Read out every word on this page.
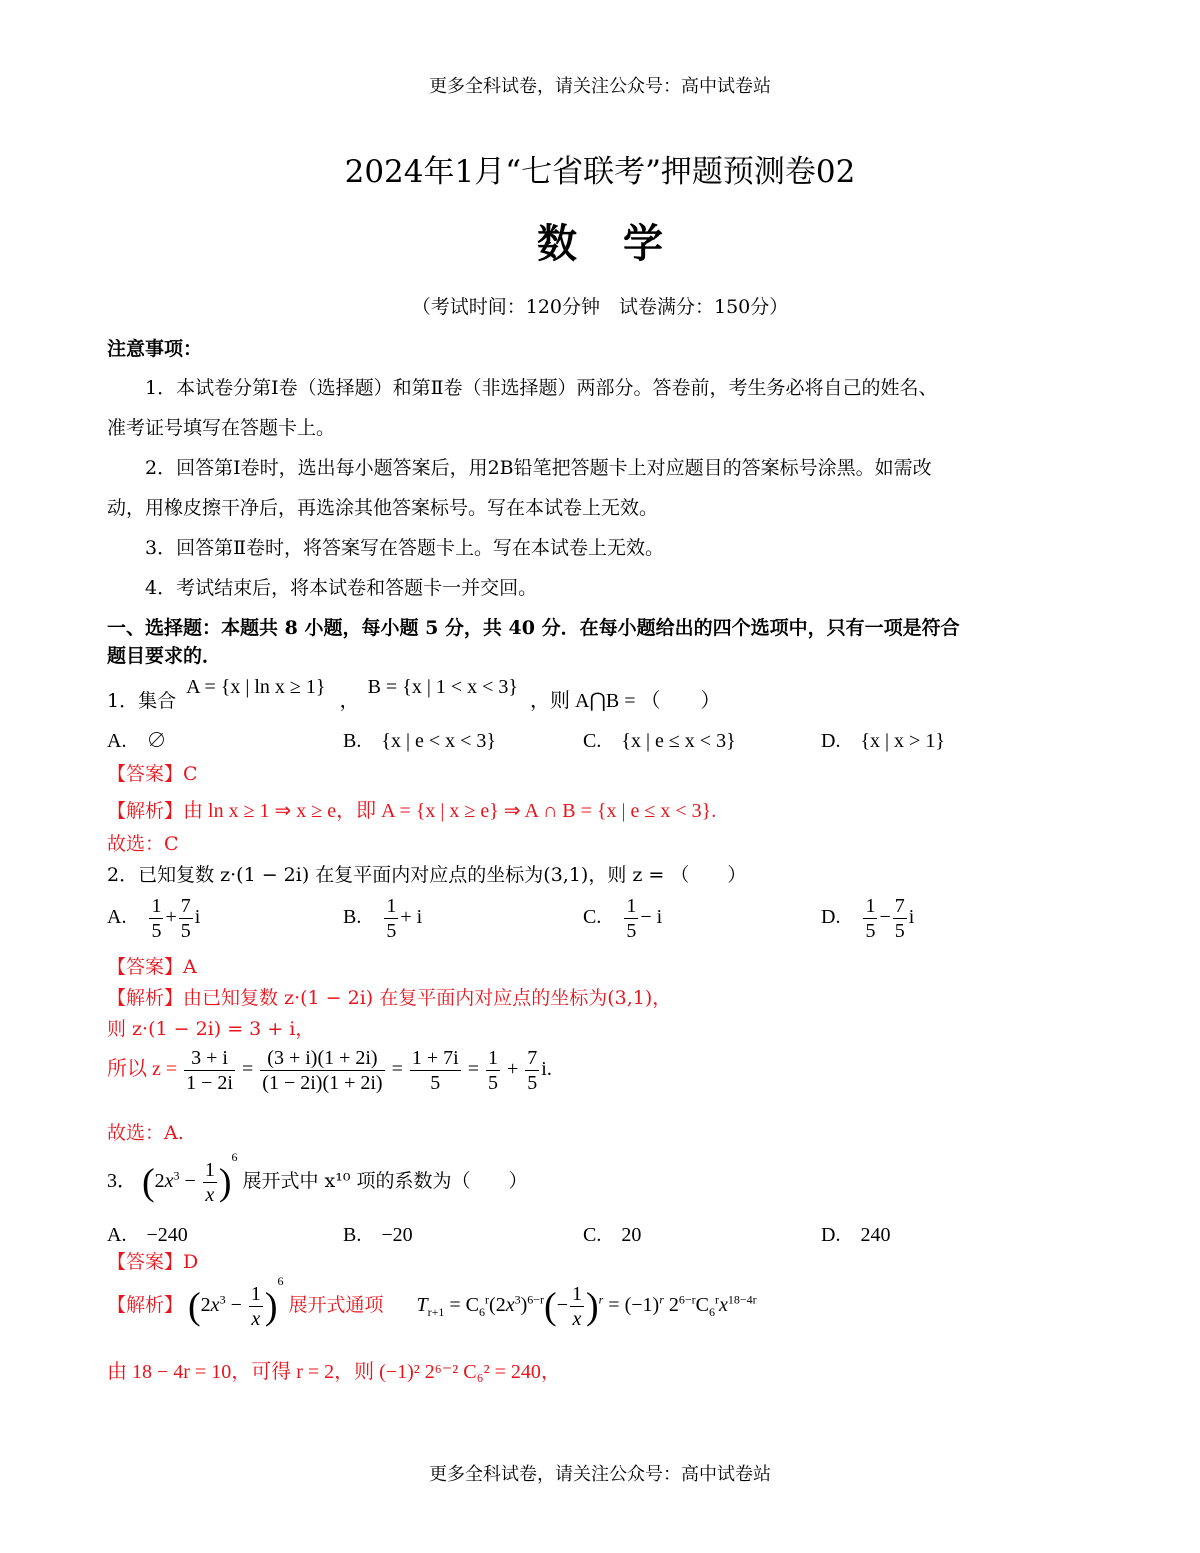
更多全科试卷，请关注公众号：高中试卷站
2024年1月“七省联考”押题预测卷02
数学
（考试时间：120分钟　试卷满分：150分）
注意事项：
1．本试卷分第Ⅰ卷（选择题）和第Ⅱ卷（非选择题）两部分。答卷前，考生务必将自己的姓名、
准考证号填写在答题卡上。
2．回答第Ⅰ卷时，选出每小题答案后，用2B铅笔把答题卡上对应题目的答案标号涂黑。如需改
动，用橡皮擦干净后，再选涂其他答案标号。写在本试卷上无效。
3．回答第Ⅱ卷时，将答案写在答题卡上。写在本试卷上无效。
4．考试结束后，将本试卷和答题卡一并交回。
一、选择题：本题共 8 小题，每小题 5 分，共 40 分．在每小题给出的四个选项中，只有一项是符合
题目要求的．
1．集合 A = {x | ln x ≥ 1} ， B = {x | 1 < x < 3} ，则 A⋂B = （　　）
A.　∅	B.　{x | e < x < 3}	C.　{x | e ≤ x < 3}	D.　{x | x > 1}
【答案】C
【解析】由 ln x ≥ 1 ⇒ x ≥ e，即 A = {x | x ≥ e} ⇒ A ∩ B = {x | e ≤ x < 3}.
故选：C
2．已知复数 z·(1 − 2i) 在复平面内对应点的坐标为(3,1)，则 z = （　　）
A. $\frac{1}{5} + \frac{7}{5}$ i	B. $\frac{1}{5} + i$	C. $\frac{1}{5} - i$	D. $\frac{1}{5} - \frac{7}{5}$ i
【答案】A
【解析】由已知复数 z·(1 − 2i) 在复平面内对应点的坐标为(3,1)，
则 z·(1 − 2i) = 3 + i，
所以 $z = \frac{3 + i}{1 - 2i} = \frac{(3 + i)(1 + 2i)}{(1 - 2i)(1 + 2i)} = \frac{1 + 7i}{5} = \frac{1}{5} + \frac{7}{5} i$.
故选：A.
3． $(2x^3 - \frac{1}{x} )^6$ 展开式中 x¹⁰ 项的系数为（　　）
A.　−240	B.　−20	C.　20	D.　240
【答案】D
【解析】 $(2x^3 - \frac{1}{x} )^6$ 展开式通项 $T_{r+1} = C_6^r(2x^3)^{6-r}(- \frac{1}{x} )^r = (-1)^r$ $2^{6-r}C_6^rx^{18-4r}$
由 18 − 4r = 10，可得 r = 2，则 (−1)² 2⁶⁻² C₆² = 240，
更多全科试卷，请关注公众号：高中试卷站
